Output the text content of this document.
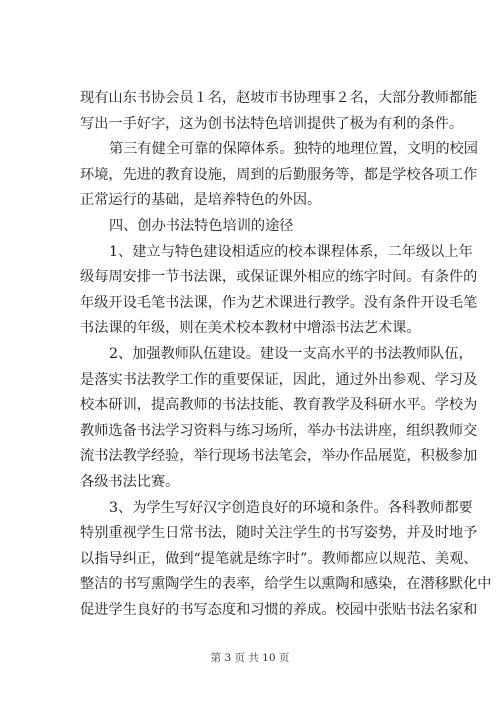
现有山东书协会员１名，赵坡市书协理事２名，大部分教师都能
写出一手好字，这为创书法特色培训提供了极为有利的条件。
第三有健全可靠的保障体系。独特的地理位置，文明的校园
环境，先进的教育设施，周到的后勤服务等，都是学校各项工作
正常运行的基础，是培养特色的外因。
四、创办书法特色培训的途径
1、建立与特色建设相适应的校本课程体系，二年级以上年
级每周安排一节书法课，或保证课外相应的练字时间。有条件的
年级开设毛笔书法课，作为艺术课进行教学。没有条件开设毛笔
书法课的年级，则在美术校本教材中增添书法艺术课。
2、加强教师队伍建设。建设一支高水平的书法教师队伍，
是落实书法教学工作的重要保证，因此，通过外出参观、学习及
校本研训，提高教师的书法技能、教育教学及科研水平。学校为
教师选备书法学习资料与练习场所，举办书法讲座，组织教师交
流书法教学经验，举行现场书法笔会，举办作品展览，积极参加
各级书法比赛。
3、为学生写好汉字创造良好的环境和条件。各科教师都要
特别重视学生日常书法，随时关注学生的书写姿势，并及时地予
以指导纠正，做到“提笔就是练字时”。教师都应以规范、美观、
整洁的书写熏陶学生的表率，给学生以熏陶和感染，在潜移默化中
促进学生良好的书写态度和习惯的养成。校园中张贴书法名家和
第 3 页 共 10 页
